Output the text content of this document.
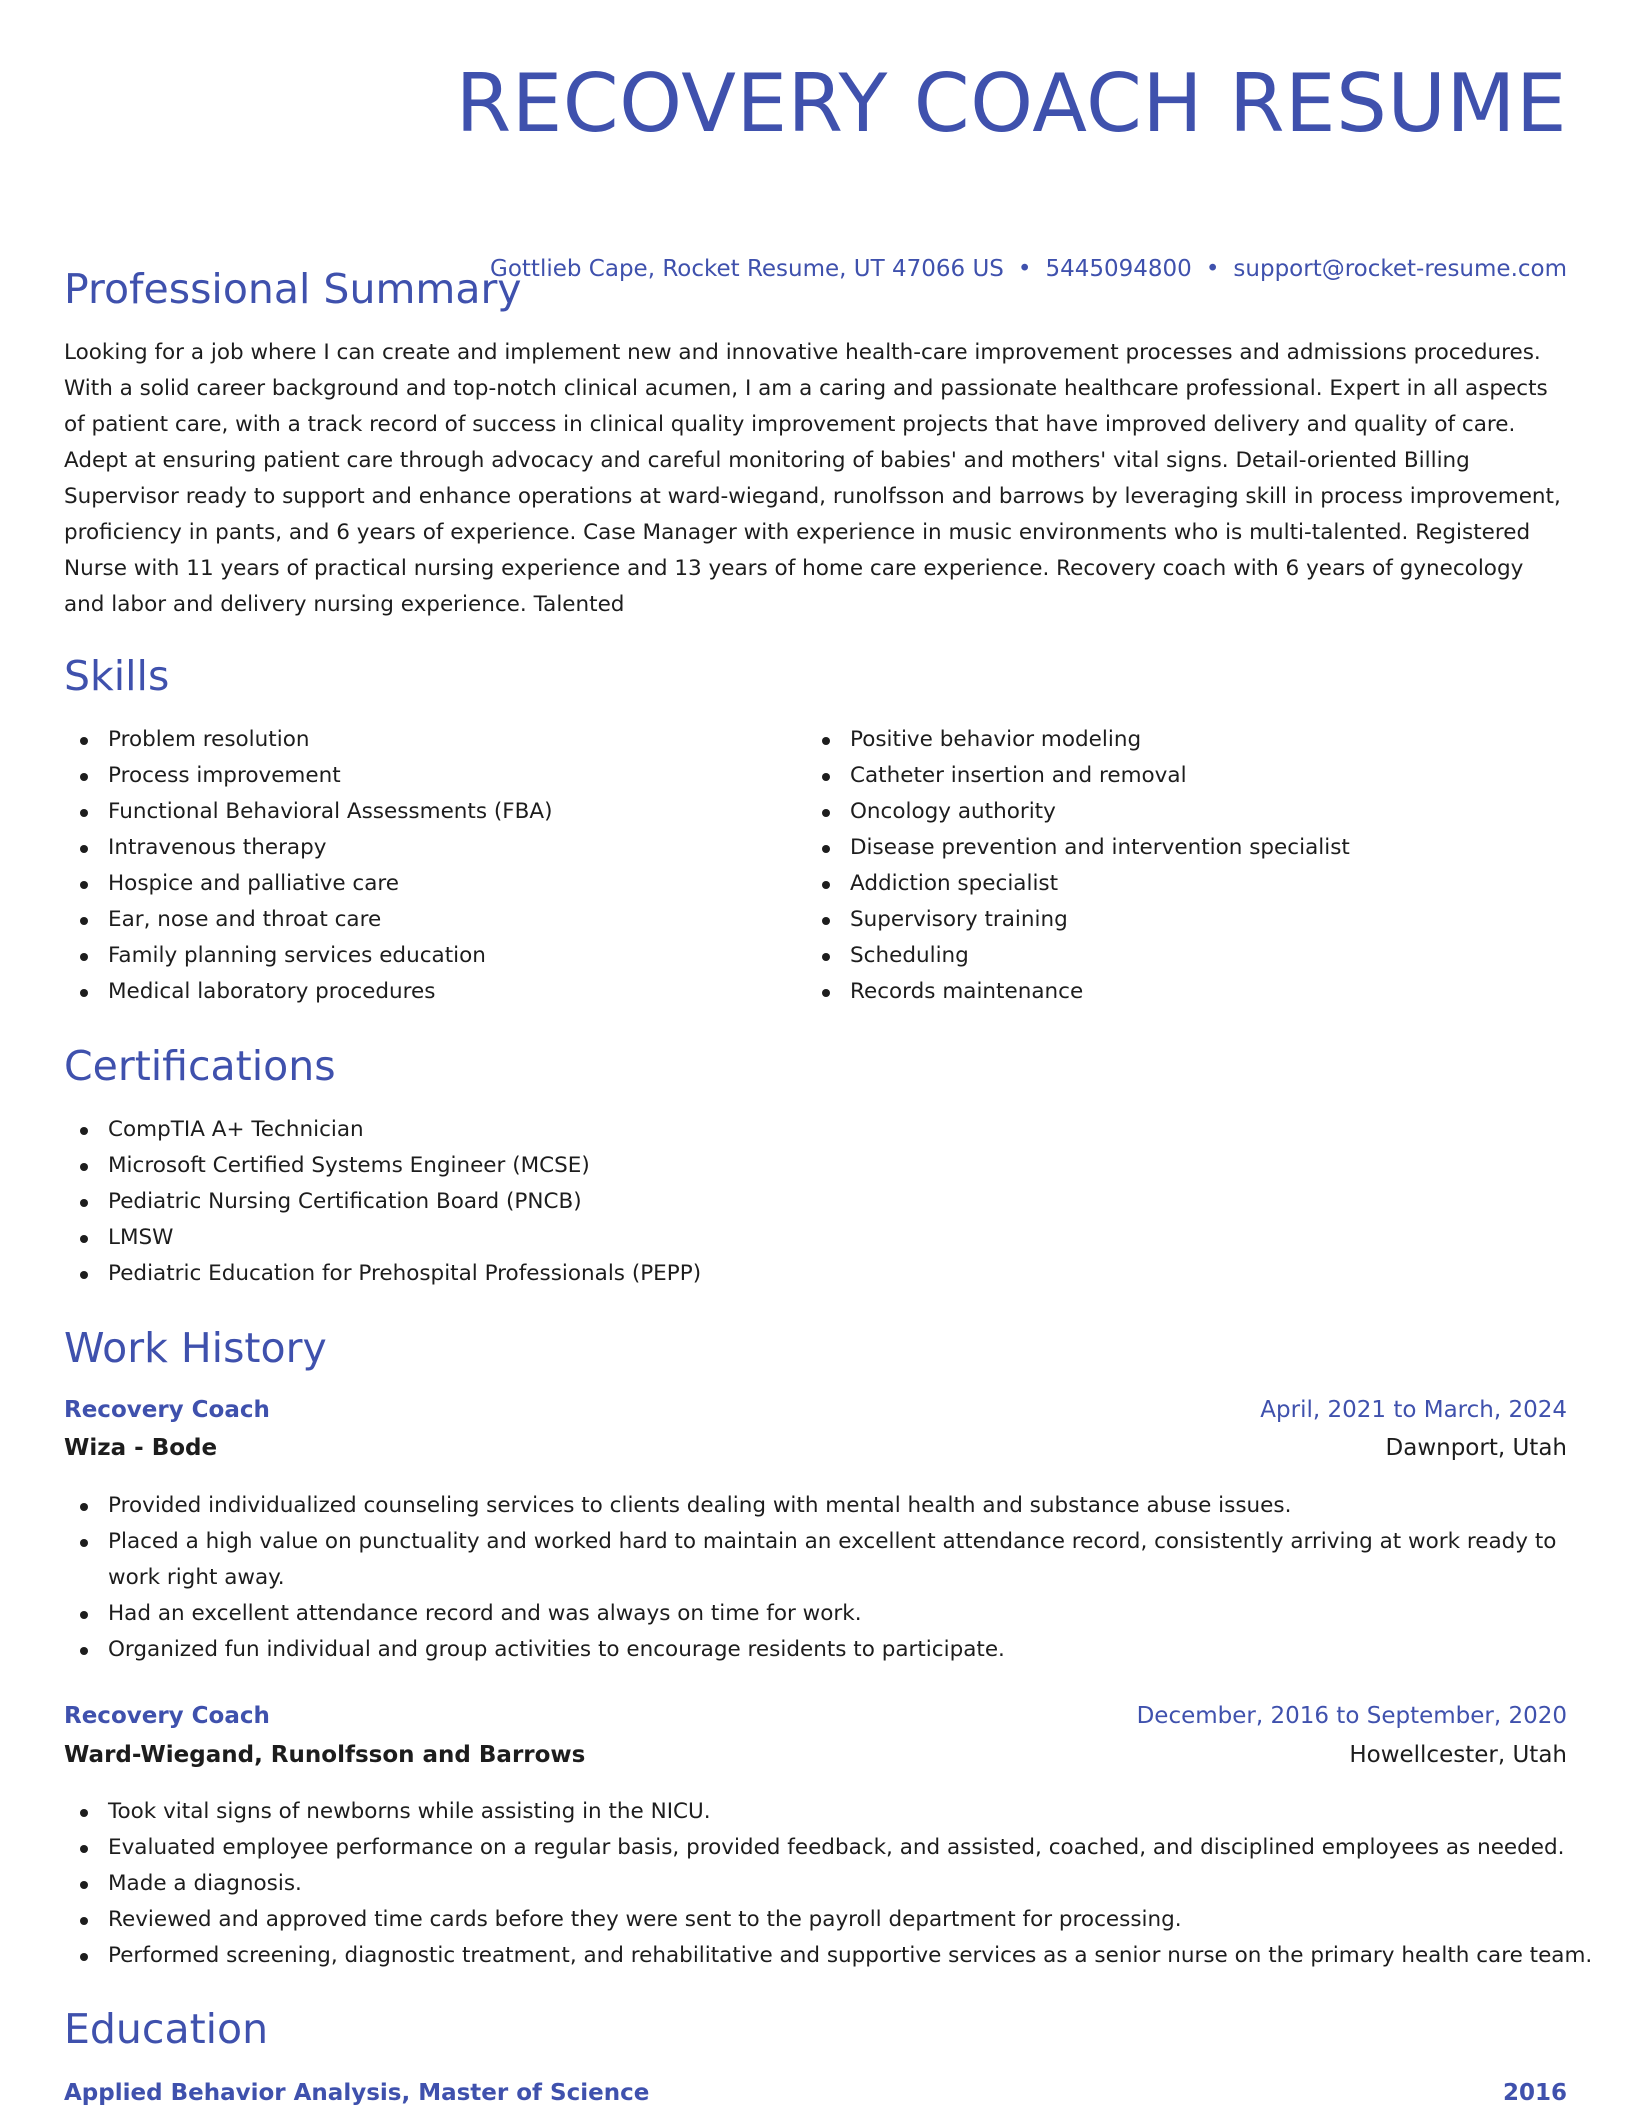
RECOVERY COACH RESUME
Gottlieb Cape, Rocket Resume, UT 47066 US • 5445094800 • support@rocket-resume.com
Professional Summary

Looking for a job where I can create and implement new and innovative health-care improvement processes and admissions procedures. With a solid career background and top-notch clinical acumen, I am a caring and passionate healthcare professional. Expert in all aspects of patient care, with a track record of success in clinical quality improvement projects that have improved delivery and quality of care. Adept at ensuring patient care through advocacy and careful monitoring of babies' and mothers' vital signs. Detail-oriented Billing Supervisor ready to support and enhance operations at ward-wiegand, runolfsson and barrows by leveraging skill in process improvement, proficiency in pants, and 6 years of experience. Case Manager with experience in music environments who is multi-talented. Registered Nurse with 11 years of practical nursing experience and 13 years of home care experience. Recovery coach with 6 years of gynecology and labor and delivery nursing experience. Talented

Skills
Problem resolution
Process improvement
Functional Behavioral Assessments (FBA)
Intravenous therapy
Hospice and palliative care
Ear, nose and throat care
Family planning services education
Medical laboratory procedures
Positive behavior modeling
Catheter insertion and removal
Oncology authority
Disease prevention and intervention specialist
Addiction specialist
Supervisory training
Scheduling
Records maintenance
Certifications
CompTIA A+ Technician
Microsoft Certified Systems Engineer (MCSE)
Pediatric Nursing Certification Board (PNCB)
LMSW
Pediatric Education for Prehospital Professionals (PEPP)
Work History
Recovery Coach	April, 2021 to March, 2024
Wiza - Bode	Dawnport, Utah
Provided individualized counseling services to clients dealing with mental health and substance abuse issues.
Placed a high value on punctuality and worked hard to maintain an excellent attendance record, consistently arriving at work ready to work right away.
Had an excellent attendance record and was always on time for work.
Organized fun individual and group activities to encourage residents to participate.
Recovery Coach	December, 2016 to September, 2020
Ward-Wiegand, Runolfsson and Barrows	Howellcester, Utah
Took vital signs of newborns while assisting in the NICU.
Evaluated employee performance on a regular basis, provided feedback, and assisted, coached, and disciplined employees as needed.
Made a diagnosis.
Reviewed and approved time cards before they were sent to the payroll department for processing.
Performed screening, diagnostic treatment, and rehabilitative and supportive services as a senior nurse on the primary health care team.
Education
Applied Behavior Analysis, Master of Science	2016
